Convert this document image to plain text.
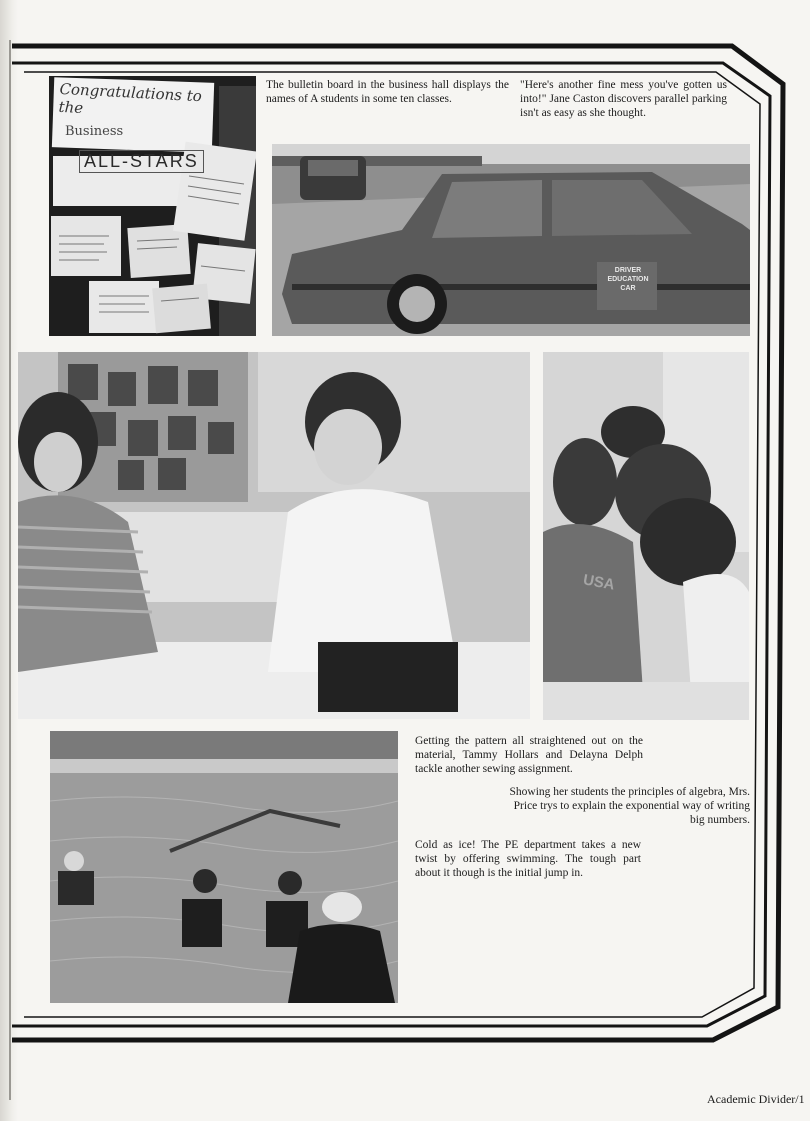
Congratulations to the
Business
ALL-STARS

The bulletin board in the business hall displays the names of A students in some ten classes.

"Here's another fine mess you've gotten us into!" Jane Caston discovers parallel parking isn't as easy as she thought.

DRIVER
EDUCATION
CAR
USA

Getting the pattern all straightened out on the material, Tammy Hollars and Delayna Delph tackle another sewing assignment.

Showing her students the principles of algebra, Mrs. Price trys to explain the exponential way of writing big numbers.

Cold as ice! The PE department takes a new twist by offering swimming. The tough part about it though is the initial jump in.

Academic Divider/1
